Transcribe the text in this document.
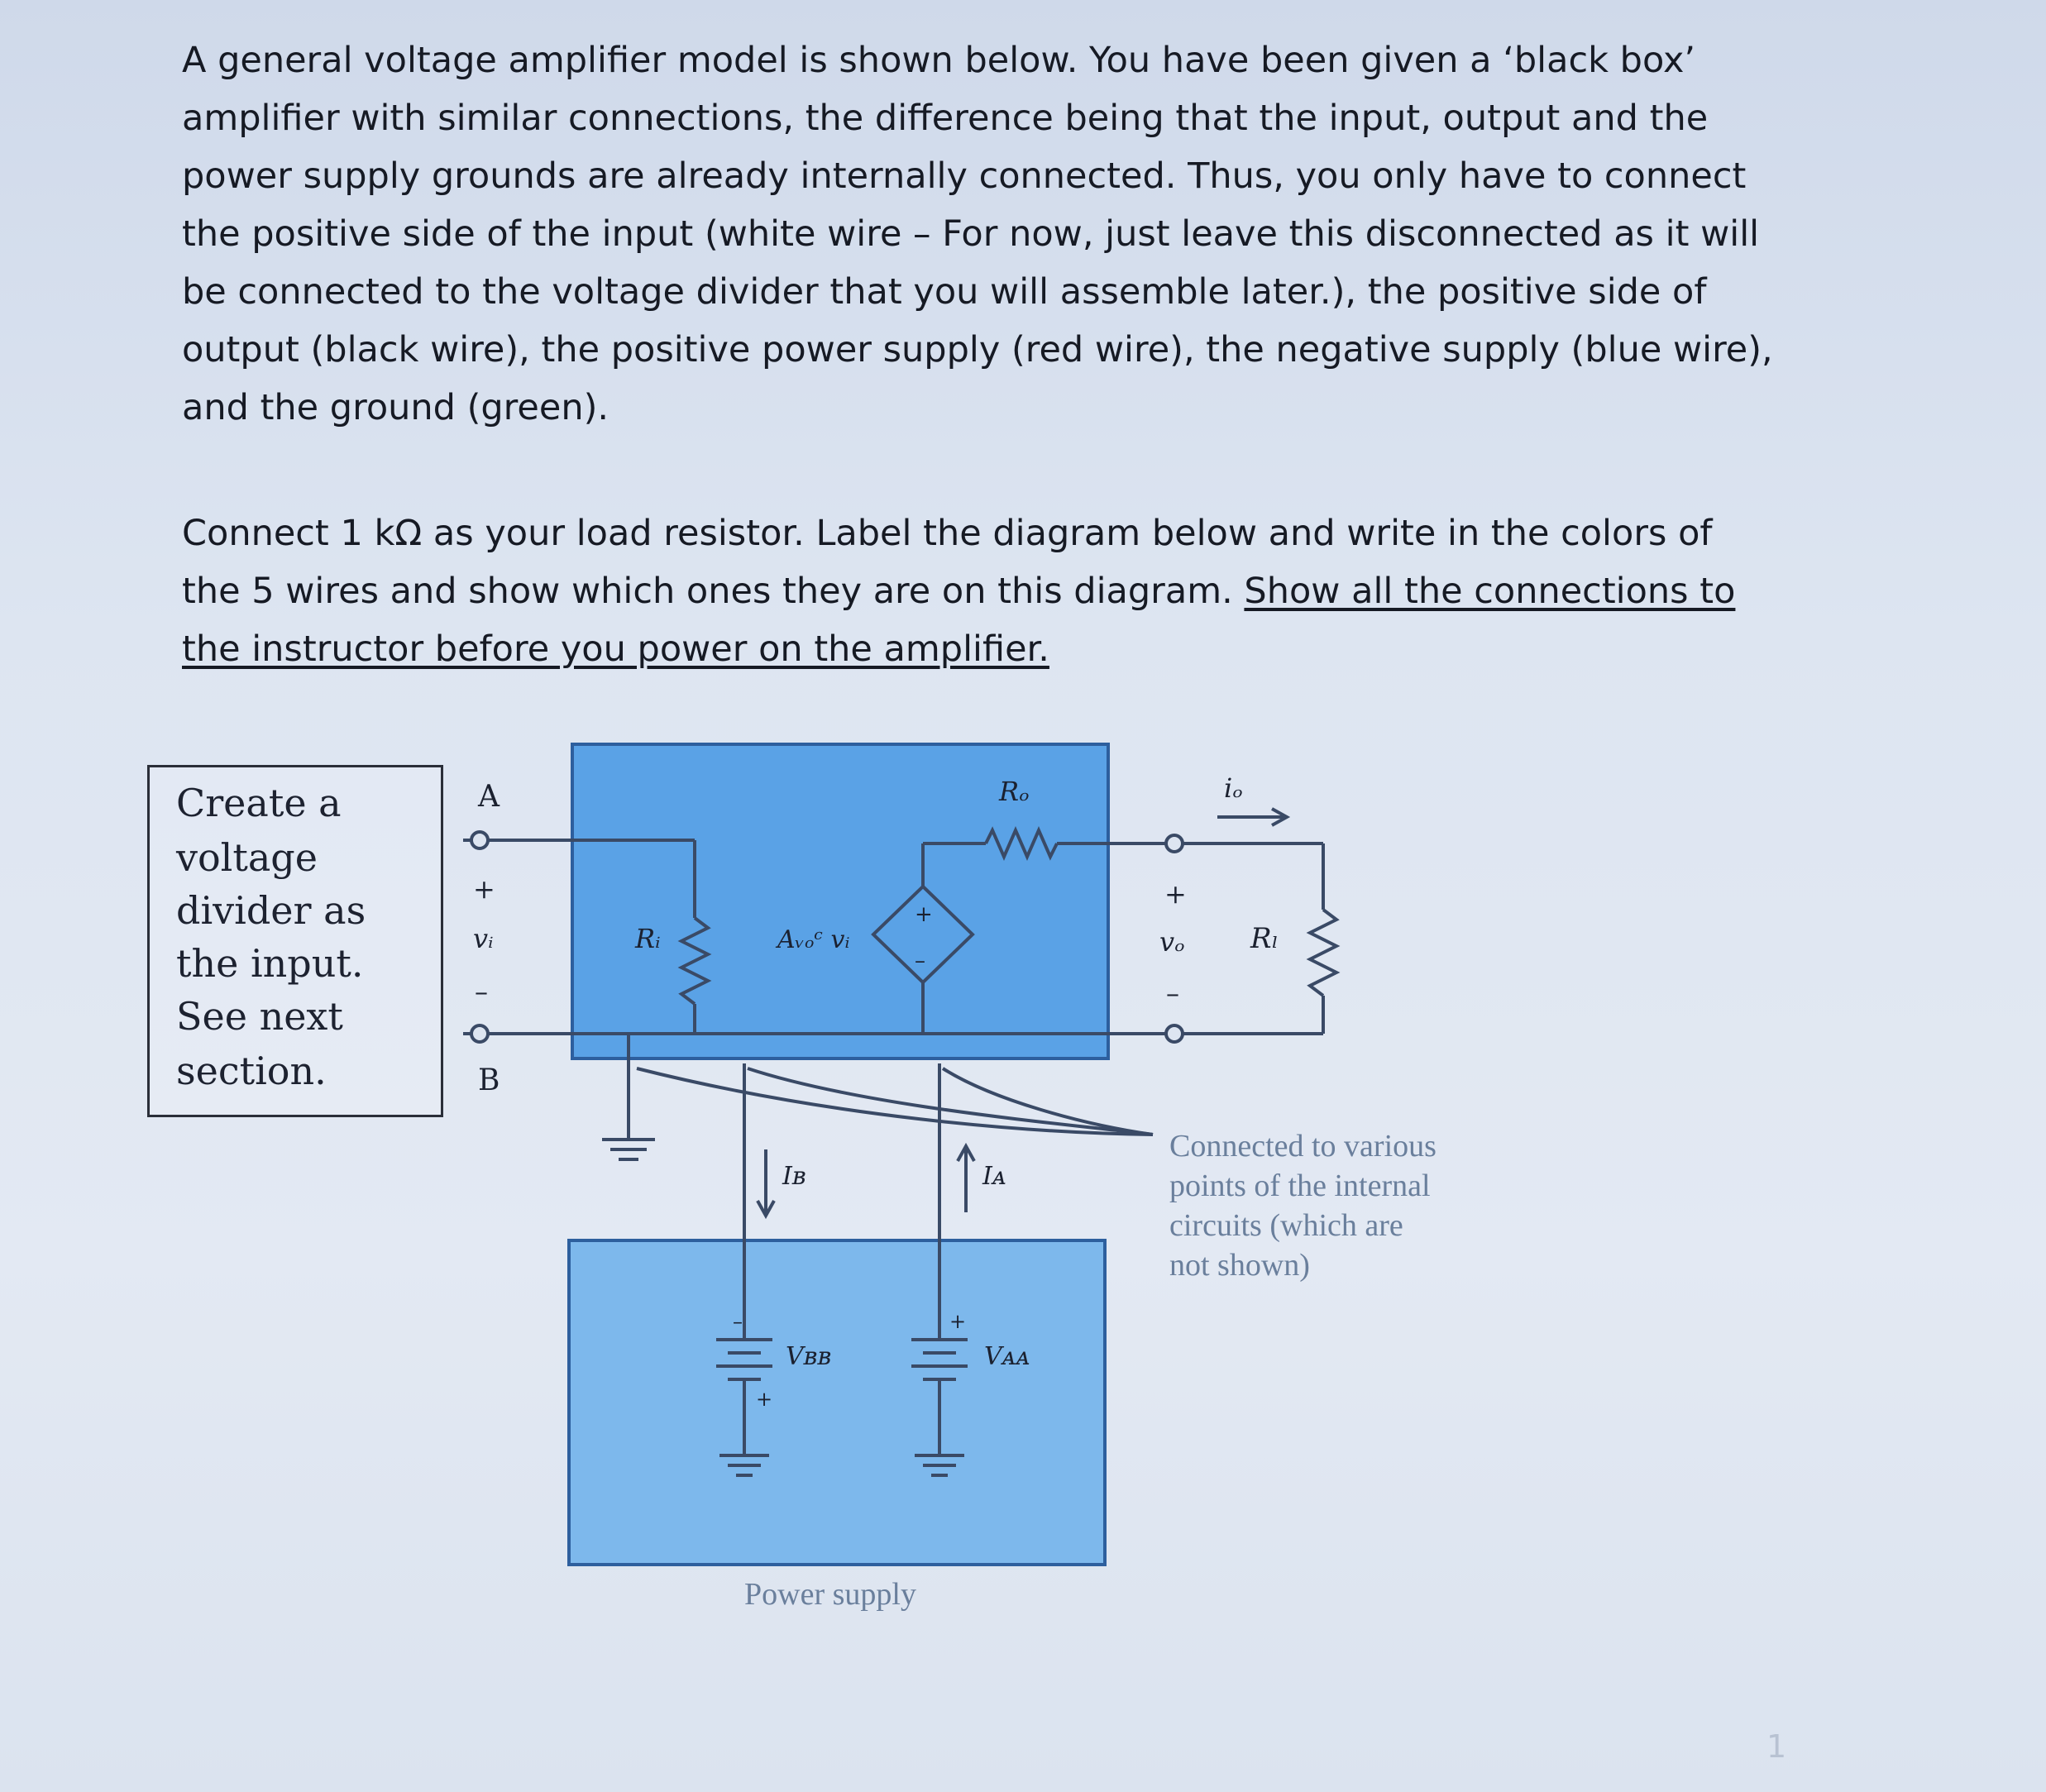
A general voltage amplifier model is shown below. You have been given a ‘black box’
amplifier with similar connections, the difference being that the input, output and the
power supply grounds are already internally connected. Thus, you only have to connect
the positive side of the input (white wire – For now, just leave this disconnected as it will
be connected to the voltage divider that you will assemble later.), the positive side of
output (black wire), the positive power supply (red wire), the negative supply (blue wire),
and the ground (green).
Connect 1 kΩ as your load resistor. Label the diagram below and write in the colors of
the 5 wires and show which ones they are on this diagram. Show all the connections to
the instructor before you power on the amplifier.
A
B
+
vᵢ
–
Rᵢ	Aᵥₒᶜ vᵢ
+
–
Rₒ	iₒ
+
vₒ
–
Rₗ
Iʙ	Iᴀ
Vʙʙ	Vᴀᴀ
–
+
+
Create a
voltage
divider as
the input.
See next
section.
Connected to various
points of the internal
circuits (which are
not shown)
Power supply
1
